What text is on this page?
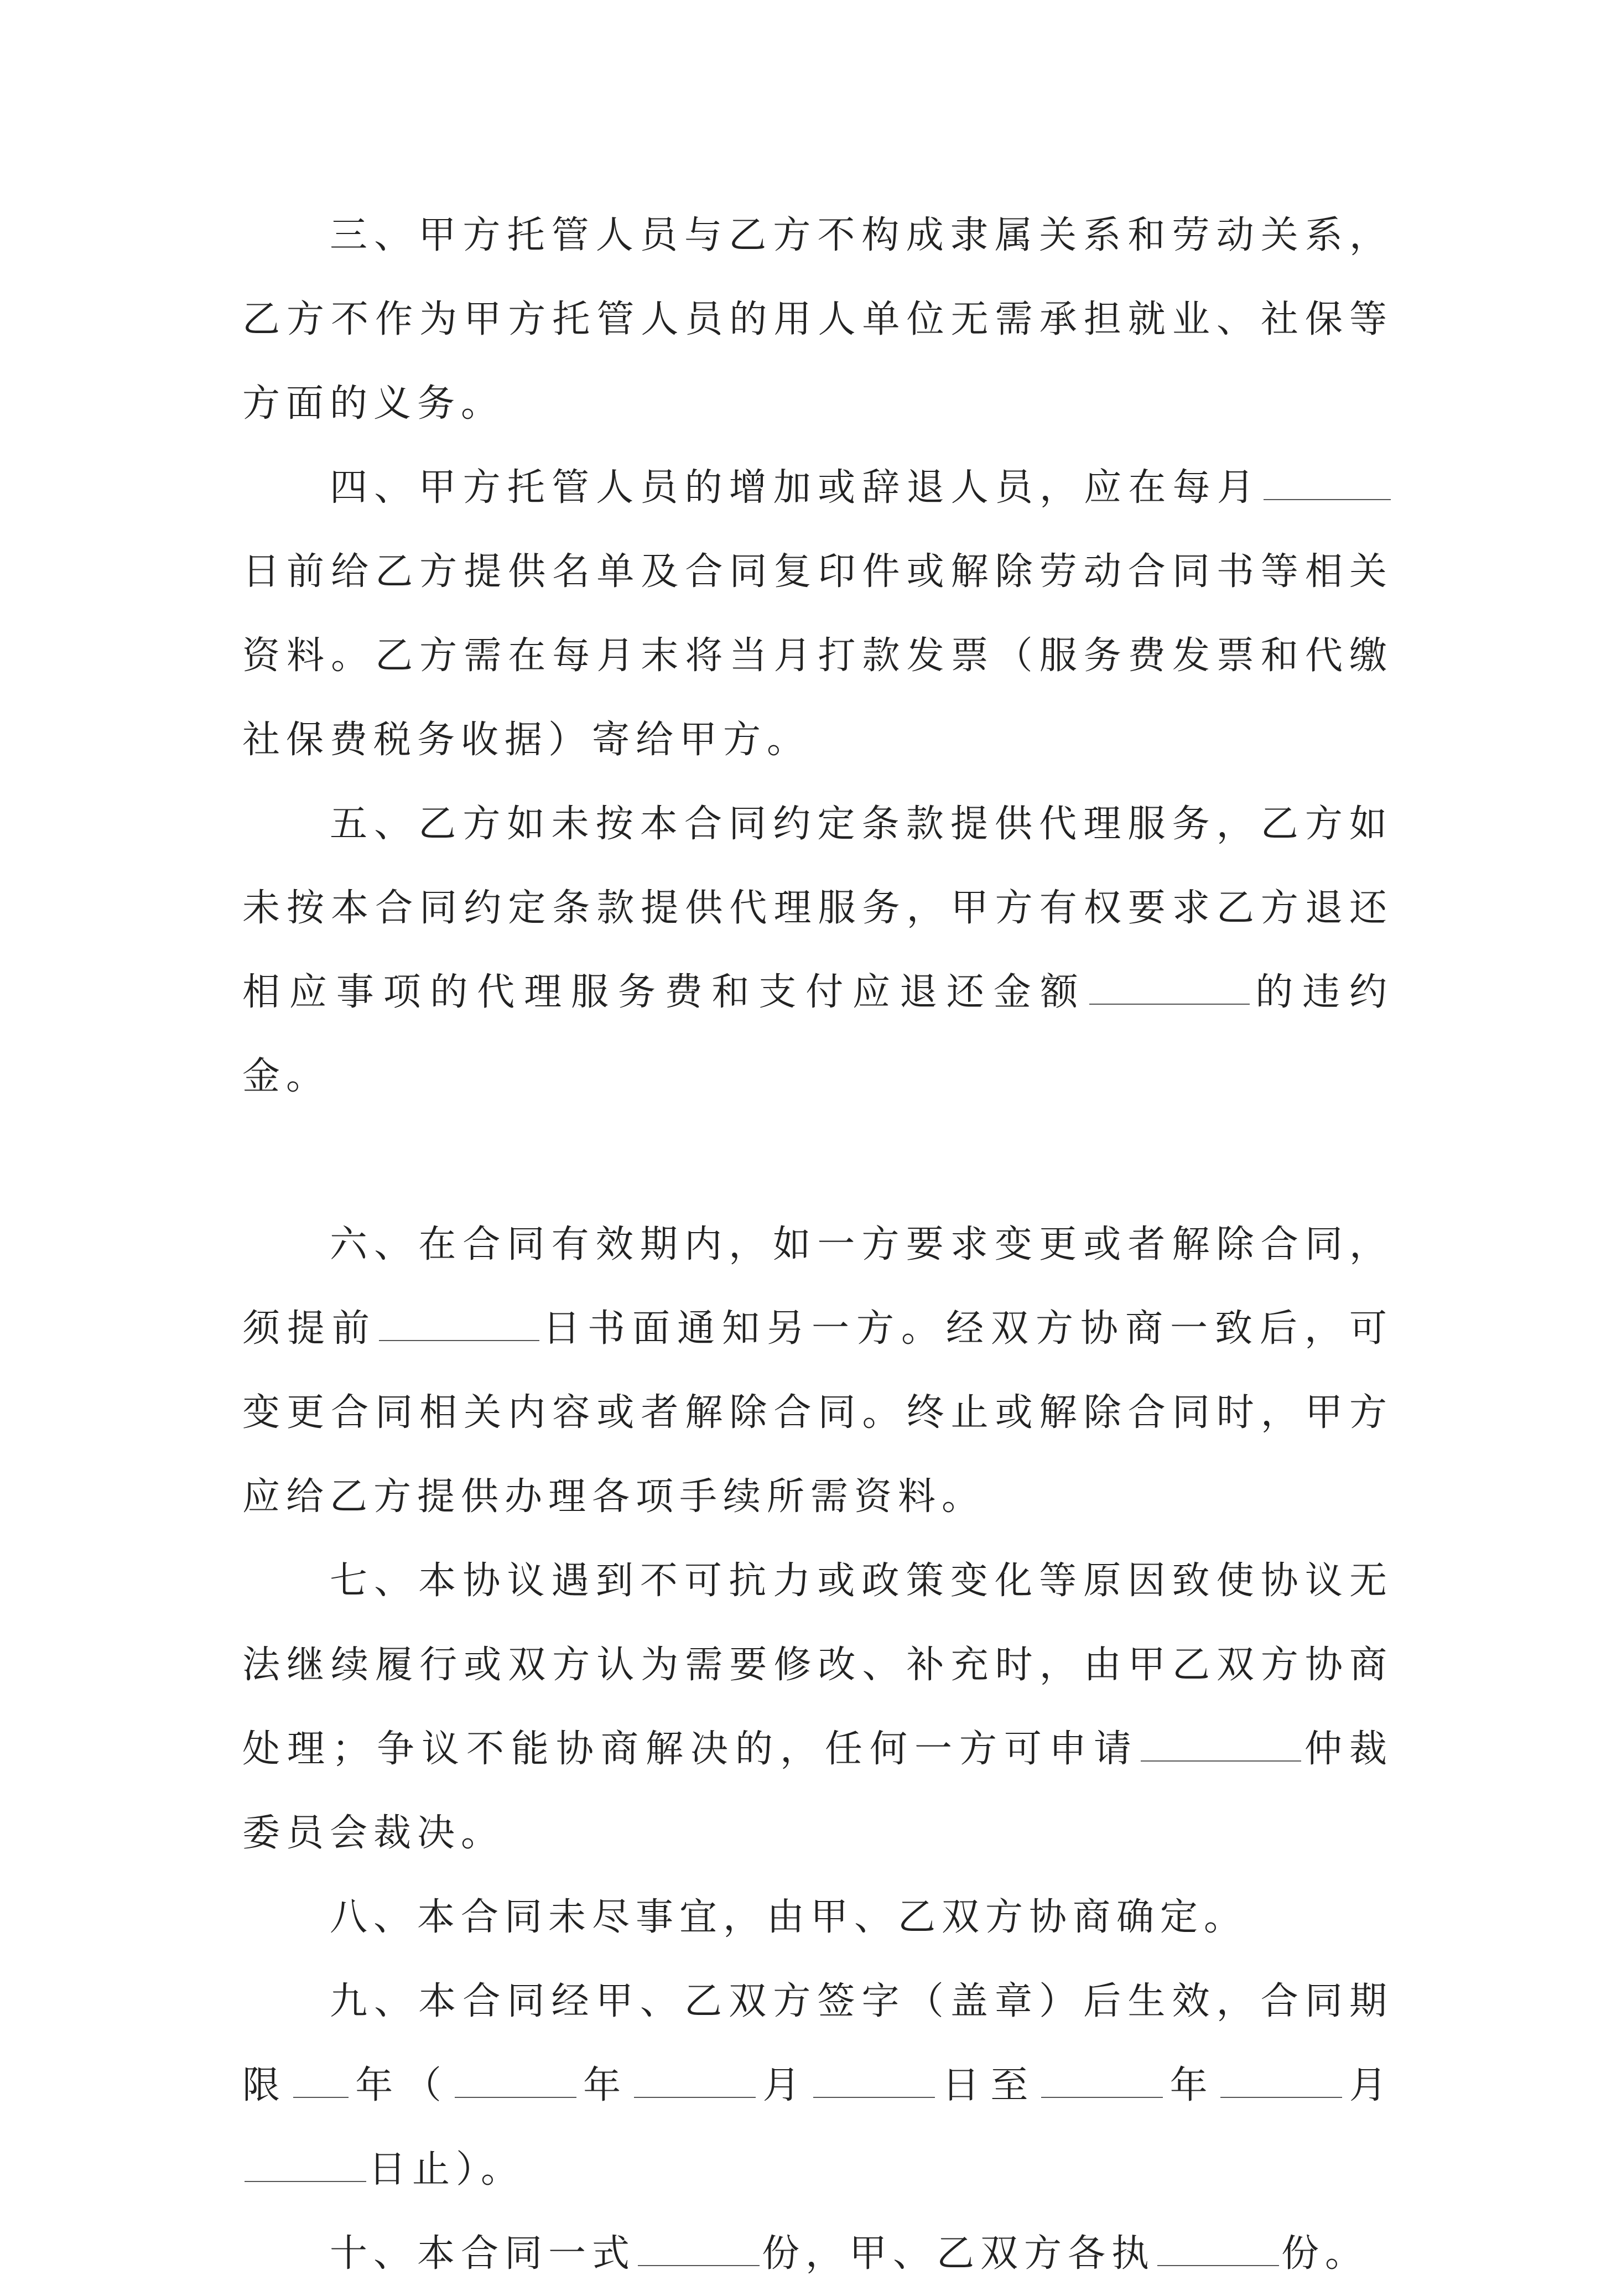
三、甲方托管人员与乙方不构成隶属关系和劳动关系，乙方不作为甲方托管人员的用人单位无需承担就业、社保等方面的义务。

四、甲方托管人员的增加或辞退人员，应在每月日前给乙方提供名单及合同复印件或解除劳动合同书等相关资料。乙方需在每月末将当月打款发票（服务费发票和代缴社保费税务收据）寄给甲方。

五、乙方如未按本合同约定条款提供代理服务，乙方如未按本合同约定条款提供代理服务，甲方有权要求乙方退还相应事项的代理服务费和支付应退还金额	的违约金。

六、在合同有效期内，如一方要求变更或者解除合同，须提前	日书面通知另一方。经双方协商一致后，可变更合同相关内容或者解除合同。终止或解除合同时，甲方应给乙方提供办理各项手续所需资料。

七、本协议遇到不可抗力或政策变化等原因致使协议无法继续履行或双方认为需要修改、补充时，由甲乙双方协商处理；争议不能协商解决的，任何一方可申请	仲裁委员会裁决。

八、本合同未尽事宜，由甲、乙双方协商确定。

九、本合同经甲、乙双方签字（盖章）后生效，合同期限 年（	年	月	日至	年	月日止）。

十、本合同一式	份，甲、乙双方各执	份。
